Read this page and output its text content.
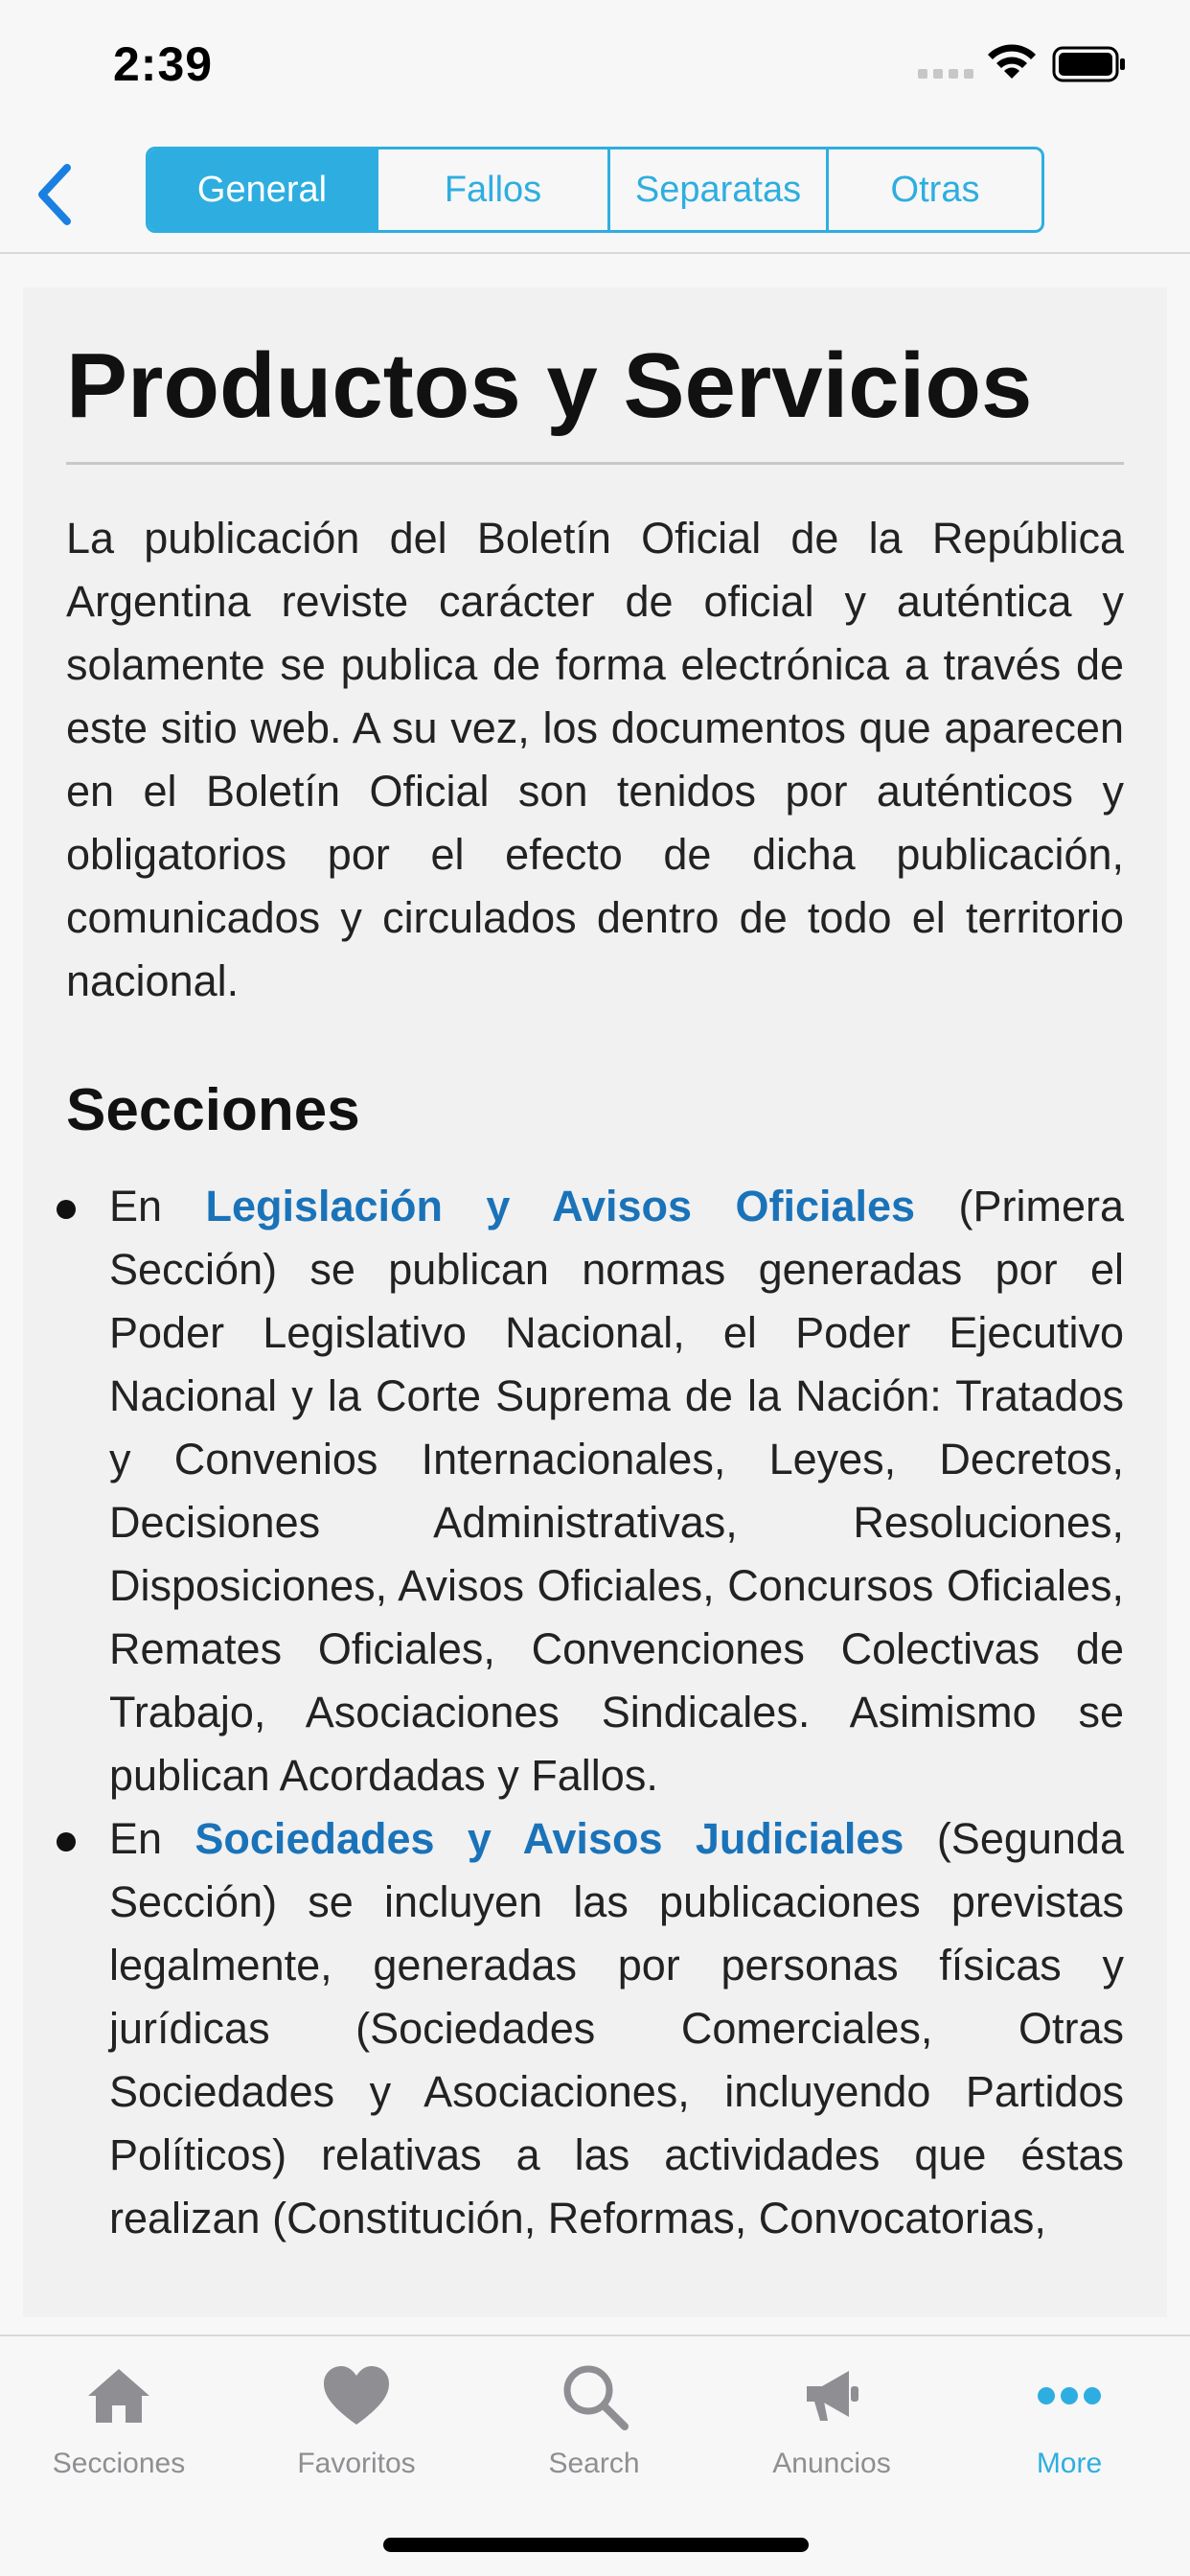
2:39
General	Fallos	Separatas	Otras
Productos y Servicios

La publicación del Boletín Oficial de la República Argentina reviste carácter de oficial y auténtica y solamente se publica de forma electrónica a través de este sitio web. A su vez, los documentos que aparecen en el Boletín Oficial son tenidos por auténticos y obligatorios por el efecto de dicha publicación, comunicados y circulados dentro de todo el territorio nacional.

Secciones
En Legislación y Avisos Oficiales (Primera Sección) se publican normas generadas por el Poder Legislativo Nacional, el Poder Ejecutivo Nacional y la Corte Suprema de la Nación: Tratados y Convenios Internacionales, Leyes, Decretos, Decisiones Administrativas, Resoluciones, Disposiciones, Avisos Oficiales, Concursos Oficiales, Remates Oficiales, Convenciones Colectivas de Trabajo, Asociaciones Sindicales. Asimismo se publican Acordadas y Fallos.
En Sociedades y Avisos Judiciales (Segunda Sección) se incluyen las publicaciones previstas legalmente, generadas por personas físicas y jurídicas (Sociedades Comerciales, Otras Sociedades y Asociaciones, incluyendo Partidos Políticos) relativas a las actividades que éstas realizan (Constitución, Reformas, Convocatorias,
Secciones	Favoritos	Search	Anuncios	More
